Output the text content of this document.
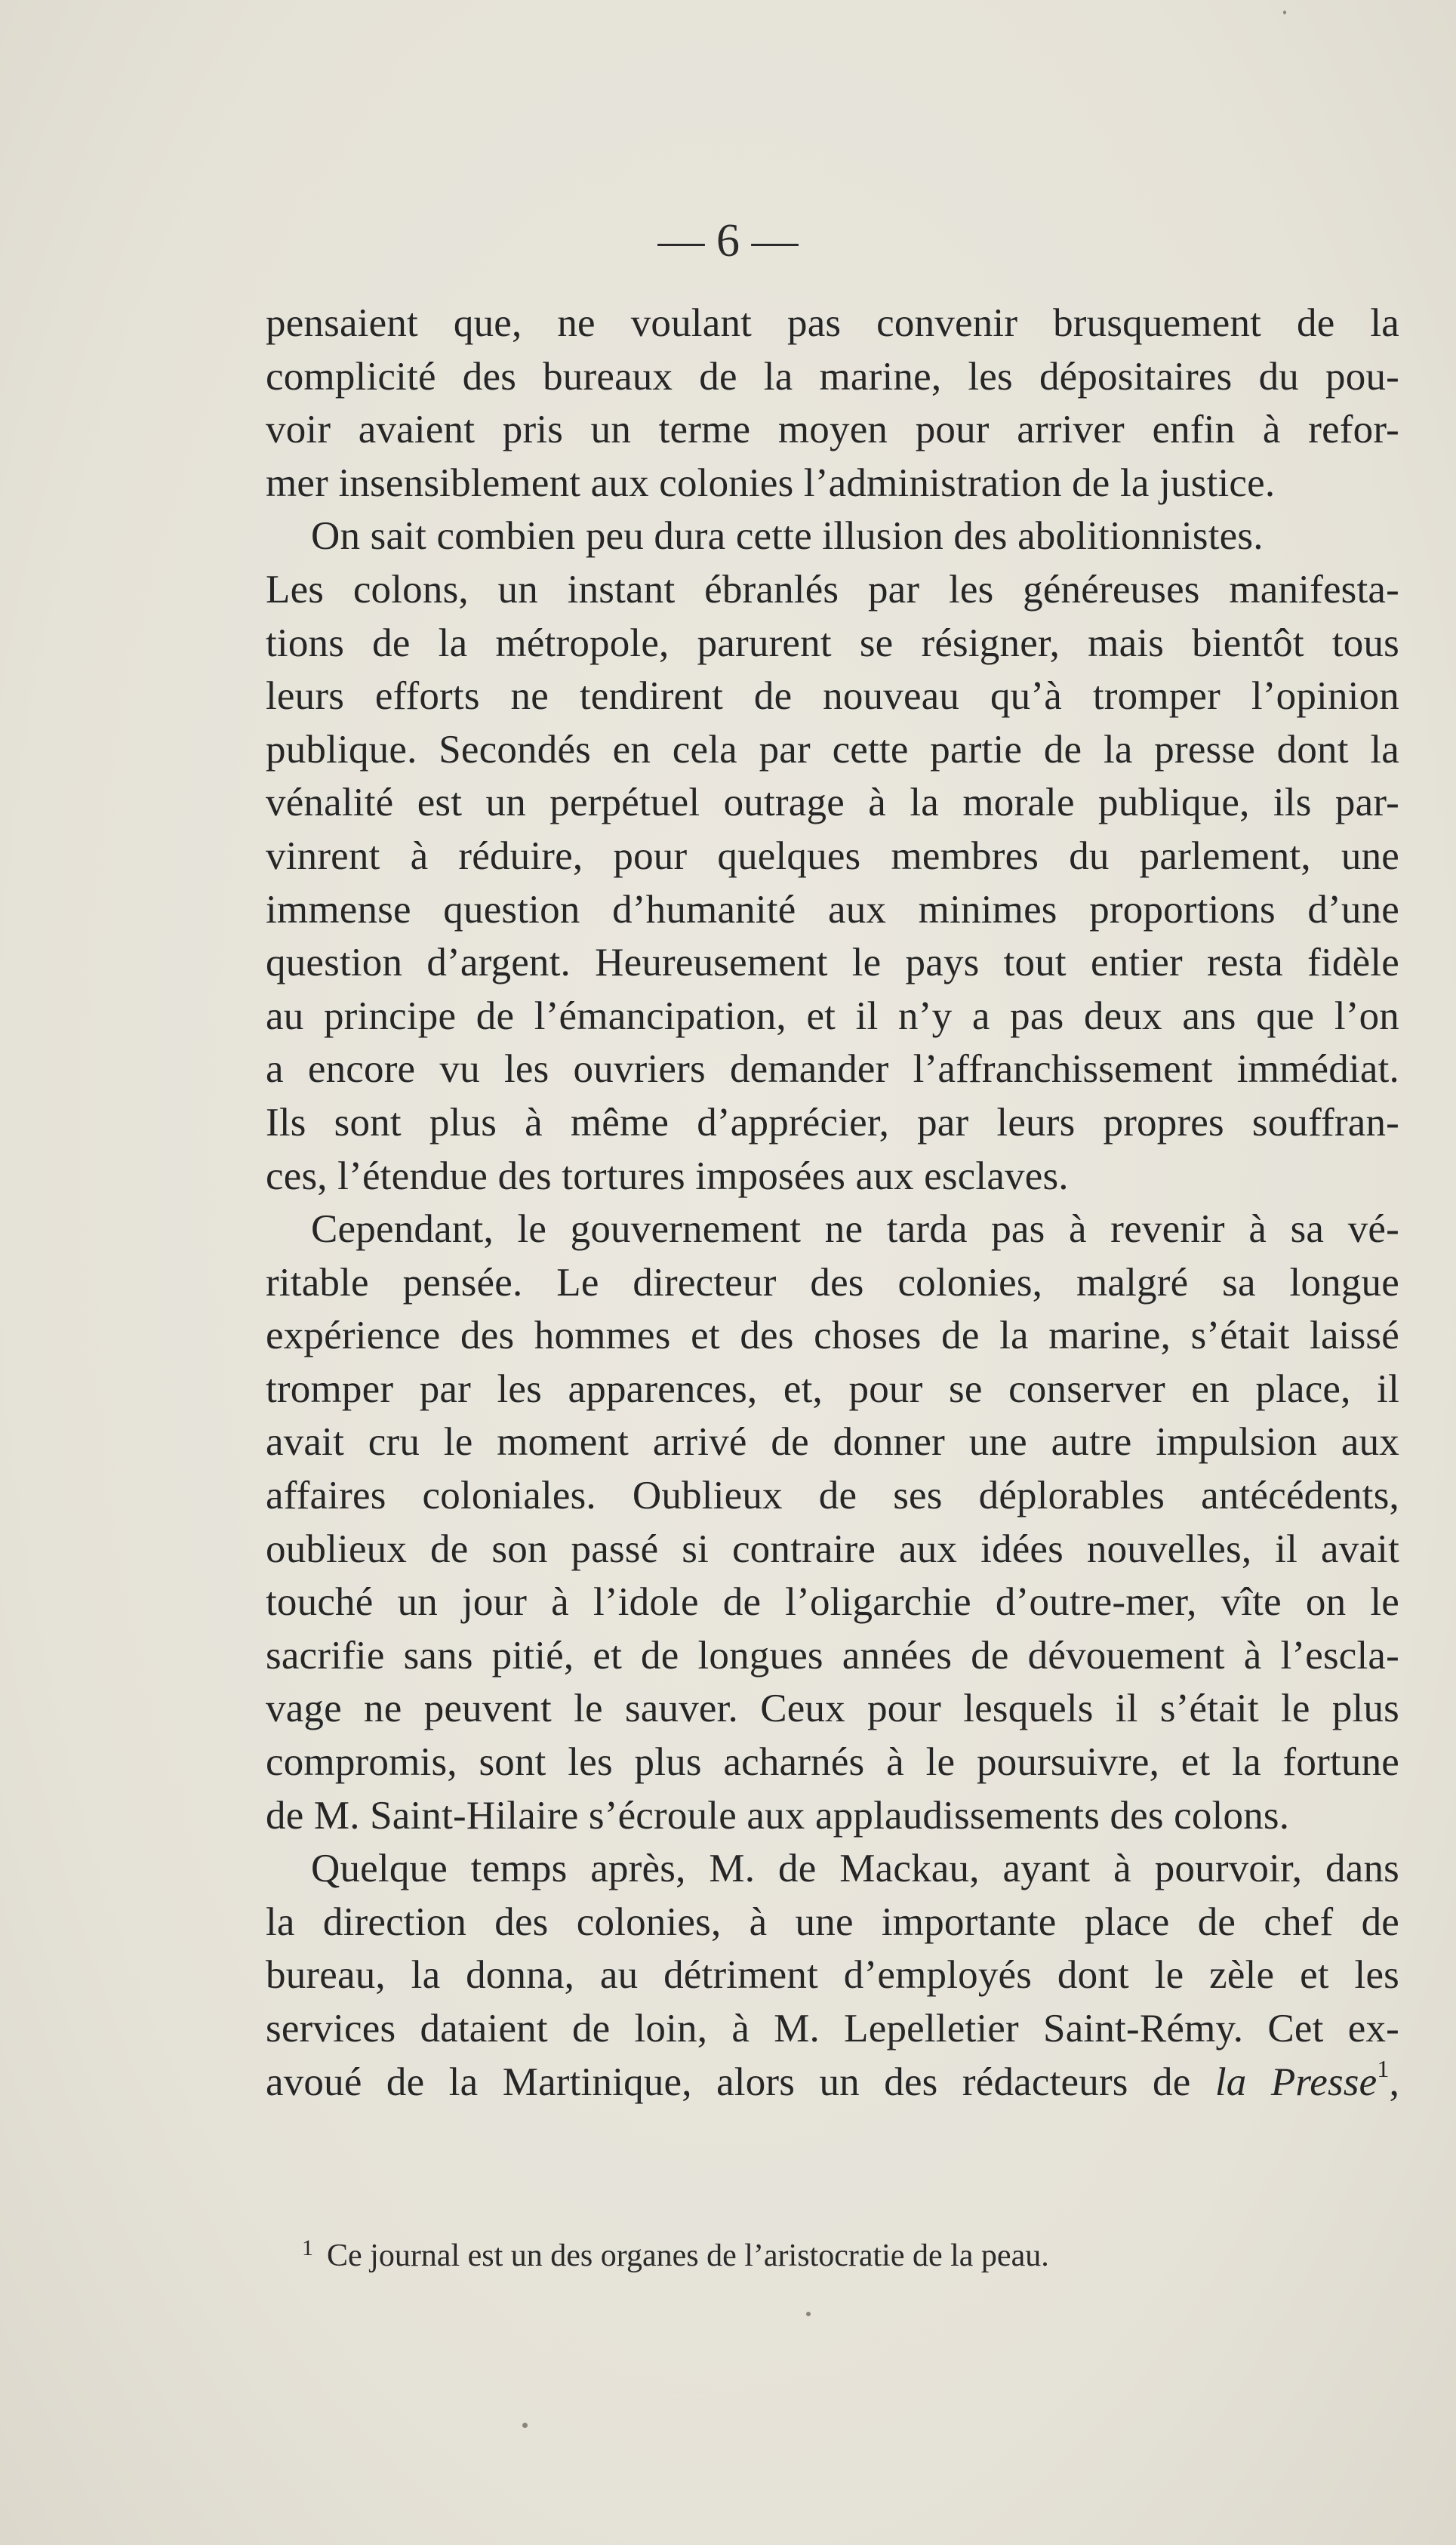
— 6 —
pensaient que, ne voulant pas convenir brusquement de la
complicité des bureaux de la marine, les dépositaires du pou-
voir avaient pris un terme moyen pour arriver enfin à refor-
mer insensiblement aux colonies l’administration de la justice.
On sait combien peu dura cette illusion des abolitionnistes.
Les colons, un instant ébranlés par les généreuses manifesta-
tions de la métropole, parurent se résigner, mais bientôt tous
leurs efforts ne tendirent de nouveau qu’à tromper l’opinion
publique. Secondés en cela par cette partie de la presse dont la
vénalité est un perpétuel outrage à la morale publique, ils par-
vinrent à réduire, pour quelques membres du parlement, une
immense question d’humanité aux minimes proportions d’une
question d’argent. Heureusement le pays tout entier resta fidèle
au principe de l’émancipation, et il n’y a pas deux ans que l’on
a encore vu les ouvriers demander l’affranchissement immédiat.
Ils sont plus à même d’apprécier, par leurs propres souffran-
ces, l’étendue des tortures imposées aux esclaves.
Cependant, le gouvernement ne tarda pas à revenir à sa vé-
ritable pensée. Le directeur des colonies, malgré sa longue
expérience des hommes et des choses de la marine, s’était laissé
tromper par les apparences, et, pour se conserver en place, il
avait cru le moment arrivé de donner une autre impulsion aux
affaires coloniales. Oublieux de ses déplorables antécédents,
oublieux de son passé si contraire aux idées nouvelles, il avait
touché un jour à l’idole de l’oligarchie d’outre-mer, vîte on le
sacrifie sans pitié, et de longues années de dévouement à l’escla-
vage ne peuvent le sauver. Ceux pour lesquels il s’était le plus
compromis, sont les plus acharnés à le poursuivre, et la fortune
de M. Saint-Hilaire s’écroule aux applaudissements des colons.
Quelque temps après, M. de Mackau, ayant à pourvoir, dans
la direction des colonies, à une importante place de chef de
bureau, la donna, au détriment d’employés dont le zèle et les
services dataient de loin, à M. Lepelletier Saint-Rémy. Cet ex-
avoué de la Martinique, alors un des rédacteurs de la Presse$^1$,
$^1$ Ce journal est un des organes de l’aristocratie de la peau.
